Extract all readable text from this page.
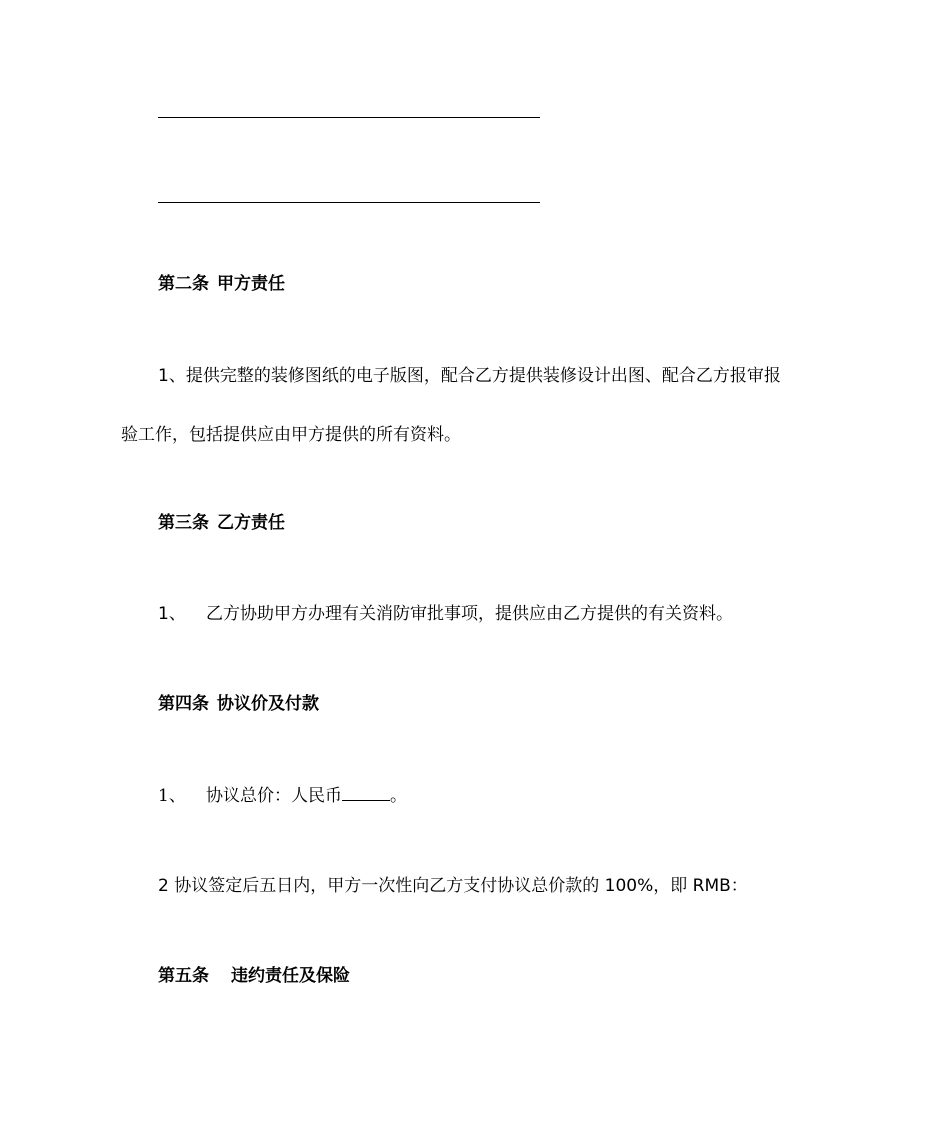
第二条 甲方责任
1、提供完整的装修图纸的电子版图，配合乙方提供装修设计出图、配合乙方报审报
验工作，包括提供应由甲方提供的所有资料。
第三条 乙方责任
1、 乙方协助甲方办理有关消防审批事项，提供应由乙方提供的有关资料。
第四条 协议价及付款
1、 协议总价：人民币	。
2 协议签定后五日内，甲方一次性向乙方支付协议总价款的 100%，即 RMB：
第五条 违约责任及保险
